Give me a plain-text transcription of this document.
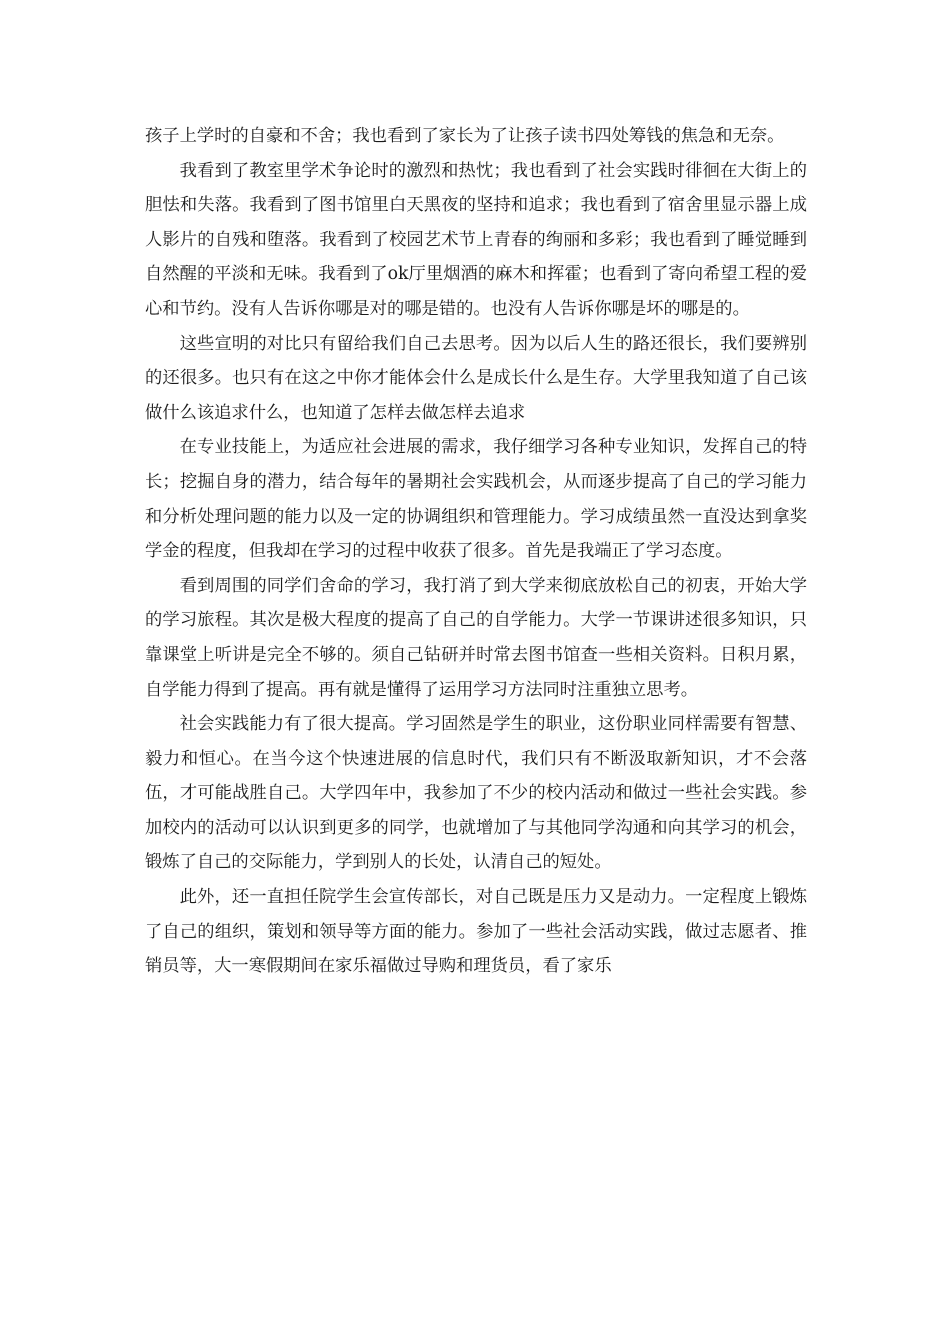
孩子上学时的自豪和不舍；我也看到了家长为了让孩子读书四处筹钱的焦急和无奈。

我看到了教室里学术争论时的激烈和热忱；我也看到了社会实践时徘徊在大街上的胆怯和失落。我看到了图书馆里白天黑夜的坚持和追求；我也看到了宿舍里显示器上成人影片的自残和堕落。我看到了校园艺术节上青春的绚丽和多彩；我也看到了睡觉睡到自然醒的平淡和无味。我看到了ok厅里烟酒的麻木和挥霍；也看到了寄向希望工程的爱心和节约。没有人告诉你哪是对的哪是错的。也没有人告诉你哪是坏的哪是的。

这些宣明的对比只有留给我们自己去思考。因为以后人生的路还很长，我们要辨别的还很多。也只有在这之中你才能体会什么是成长什么是生存。大学里我知道了自己该做什么该追求什么，也知道了怎样去做怎样去追求

在专业技能上，为适应社会进展的需求，我仔细学习各种专业知识，发挥自己的特长；挖掘自身的潜力，结合每年的暑期社会实践机会，从而逐步提高了自己的学习能力和分析处理问题的能力以及一定的协调组织和管理能力。学习成绩虽然一直没达到拿奖学金的程度，但我却在学习的过程中收获了很多。首先是我端正了学习态度。

看到周围的同学们舍命的学习，我打消了到大学来彻底放松自己的初衷，开始大学的学习旅程。其次是极大程度的提高了自己的自学能力。大学一节课讲述很多知识，只靠课堂上听讲是完全不够的。须自己钻研并时常去图书馆查一些相关资料。日积月累，自学能力得到了提高。再有就是懂得了运用学习方法同时注重独立思考。

社会实践能力有了很大提高。学习固然是学生的职业，这份职业同样需要有智慧、毅力和恒心。在当今这个快速进展的信息时代，我们只有不断汲取新知识，才不会落伍，才可能战胜自己。大学四年中，我参加了不少的校内活动和做过一些社会实践。参加校内的活动可以认识到更多的同学，也就增加了与其他同学沟通和向其学习的机会，锻炼了自己的交际能力，学到别人的长处，认清自己的短处。

此外，还一直担任院学生会宣传部长，对自己既是压力又是动力。一定程度上锻炼了自己的组织，策划和领导等方面的能力。参加了一些社会活动实践，做过志愿者、推销员等，大一寒假期间在家乐福做过导购和理货员，看了家乐
